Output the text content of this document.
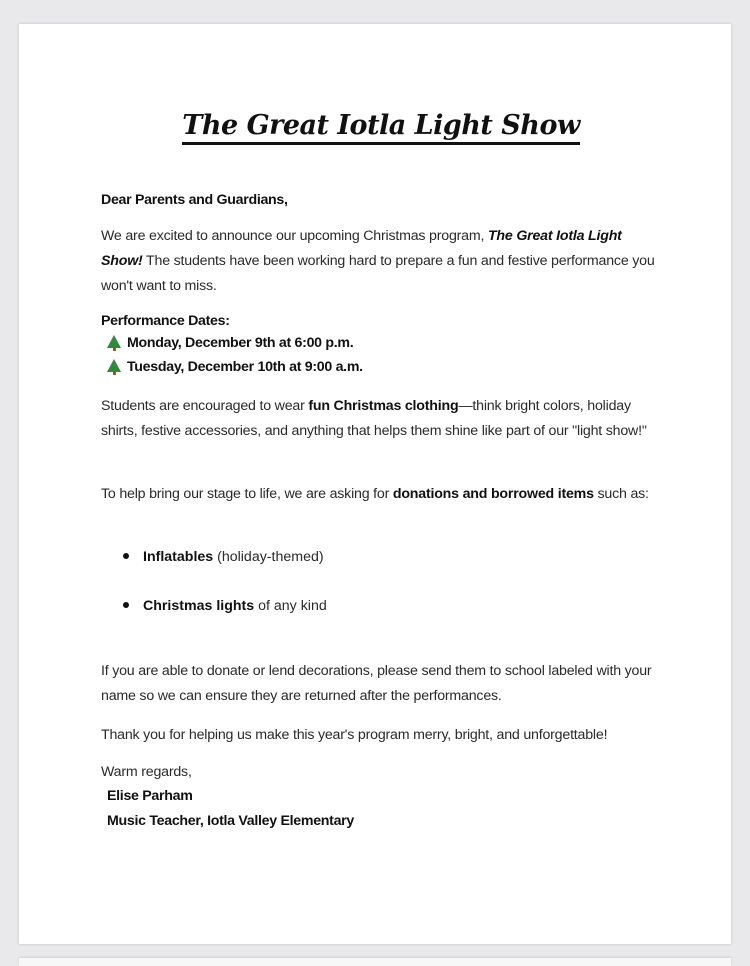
The Great Iotla Light Show
Dear Parents and Guardians,
We are excited to announce our upcoming Christmas program, The Great Iotla Light Show! The students have been working hard to prepare a fun and festive performance you won't want to miss.
Performance Dates:
Monday, December 9th at 6:00 p.m.
Tuesday, December 10th at 9:00 a.m.
Students are encouraged to wear fun Christmas clothing—think bright colors, holiday shirts, festive accessories, and anything that helps them shine like part of our "light show!"
To help bring our stage to life, we are asking for donations and borrowed items such as:
Inflatables (holiday-themed)
Christmas lights of any kind
If you are able to donate or lend decorations, please send them to school labeled with your name so we can ensure they are returned after the performances.
Thank you for helping us make this year's program merry, bright, and unforgettable!
Warm regards,
Elise Parham
Music Teacher, Iotla Valley Elementary
